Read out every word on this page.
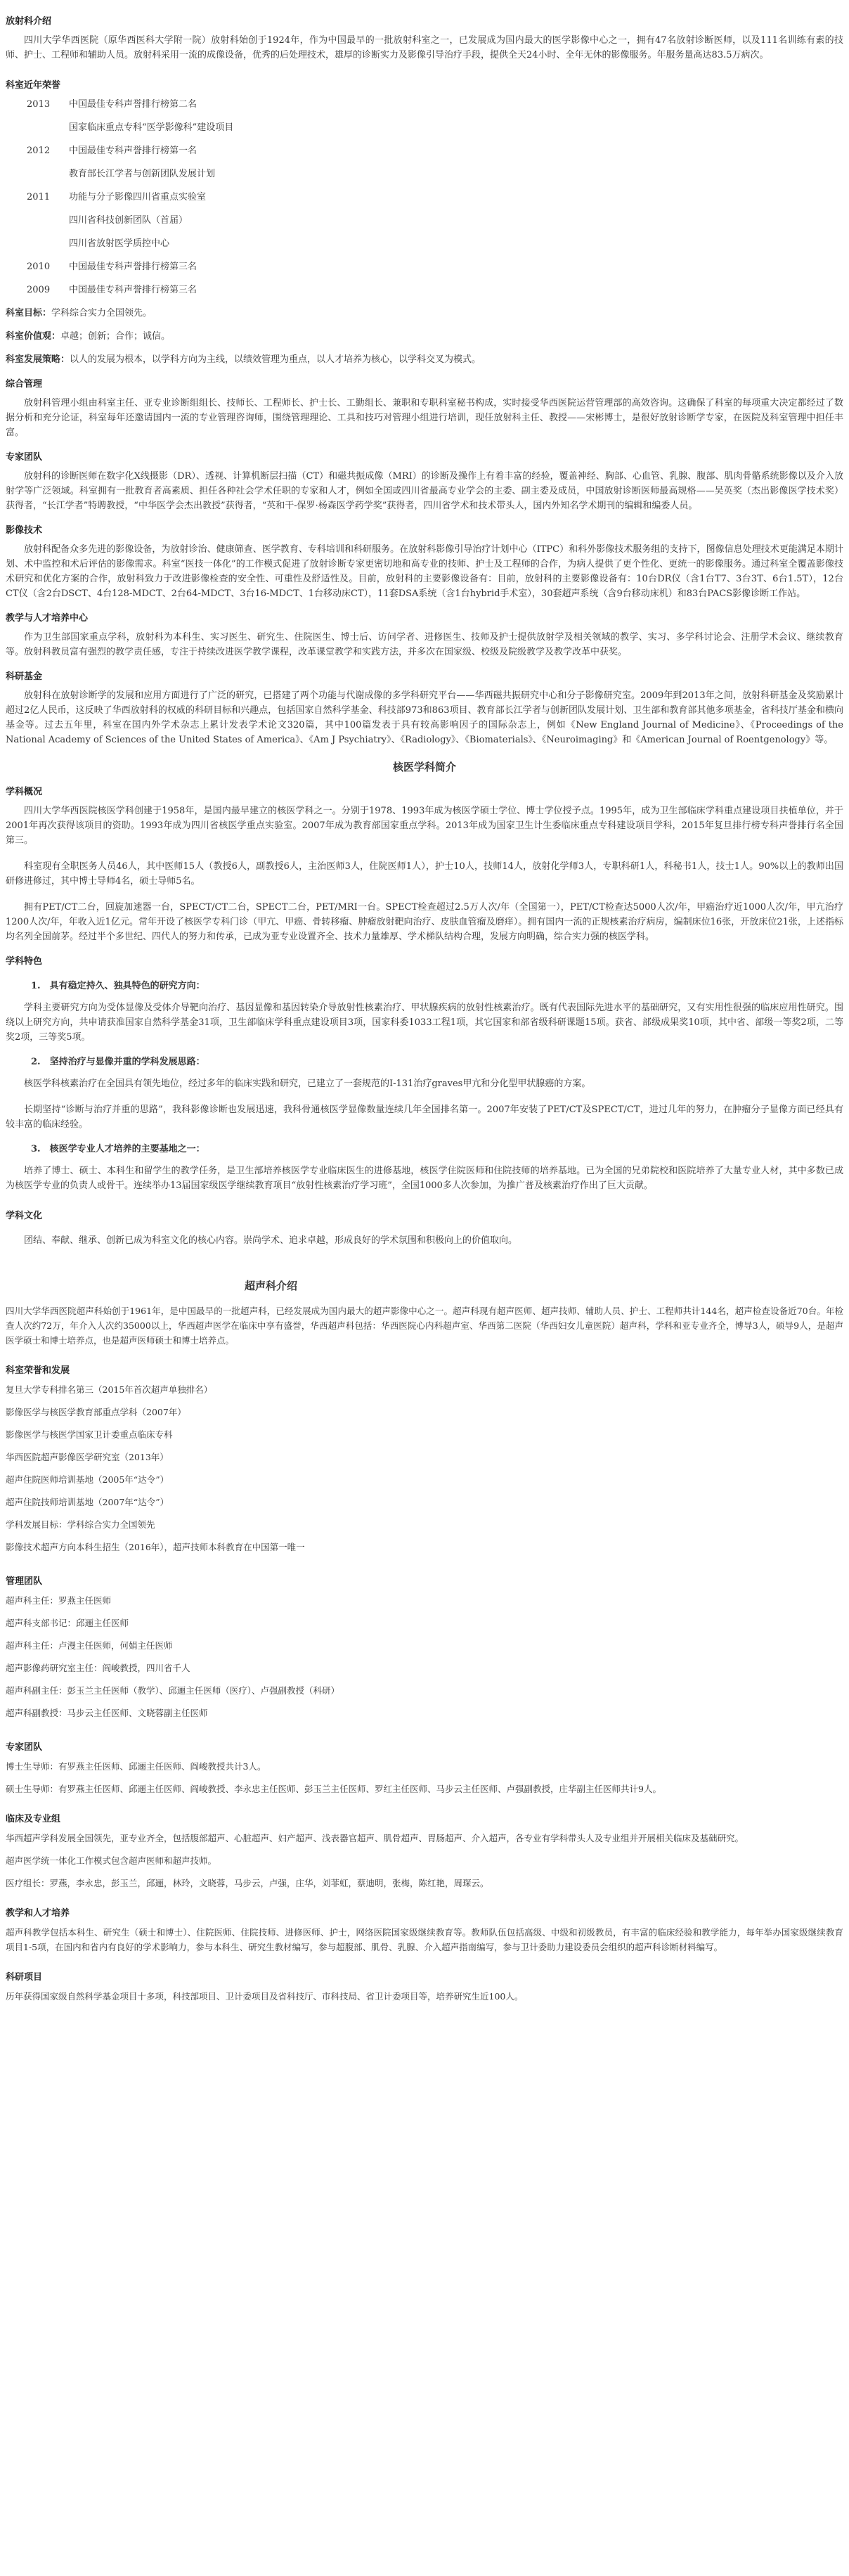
放射科介绍

四川大学华西医院（原华西医科大学附一院）放射科始创于1924年，作为中国最早的一批放射科室之一，已发展成为国内最大的医学影像中心之一，拥有47名放射诊断医师，以及111名训练有素的技师、护士、工程师和辅助人员。放射科采用一流的成像设备，优秀的后处理技术，雄厚的诊断实力及影像引导治疗手段，提供全天24小时、全年无休的影像服务。年服务量高达83.5万病次。

科室近年荣誉
2013	中国最佳专科声誉排行榜第二名
国家临床重点专科“医学影像科”建设项目
2012	中国最佳专科声誉排行榜第一名
教育部长江学者与创新团队发展计划
2011	功能与分子影像四川省重点实验室
四川省科技创新团队（首届）
四川省放射医学质控中心
2010	中国最佳专科声誉排行榜第三名
2009	中国最佳专科声誉排行榜第三名
科室目标：学科综合实力全国领先。
科室价值观：卓越；创新；合作；诚信。
科室发展策略：以人的发展为根本，以学科方向为主线，以绩效管理为重点，以人才培养为核心，以学科交叉为模式。
综合管理

放射科管理小组由科室主任、亚专业诊断组组长、技师长、工程师长、护士长、工勤组长、兼职和专职科室秘书构成，实时接受华西医院运营管理部的高效咨询。这确保了科室的每项重大决定都经过了数据分析和充分论证，科室每年还邀请国内一流的专业管理咨询师，围绕管理理论、工具和技巧对管理小组进行培训，现任放射科主任、教授——宋彬博士，是很好放射诊断学专家，在医院及科室管理中担任丰富。

专家团队

放射科的诊断医师在数字化X线摄影（DR）、透视、计算机断层扫描（CT）和磁共振成像（MRI）的诊断及操作上有着丰富的经验，覆盖神经、胸部、心血管、乳腺、腹部、肌肉骨骼系统影像以及介入放射学等广泛领域。科室拥有一批教育者高素质、担任各种社会学术任职的专家和人才，例如全国或四川省最高专业学会的主委、副主委及成员，中国放射诊断医师最高规格——吴英奖（杰出影像医学技术奖）获得者，“长江学者”特聘教授，“中华医学会杰出教授”获得者，“英和干-保罗·杨森医学药学奖”获得者，四川省学术和技术带头人，国内外知名学术期刊的编辑和编委人员。

影像技术

放射科配备众多先进的影像设备，为放射诊治、健康筛查、医学教育、专科培训和科研服务。在放射科影像引导治疗计划中心（ITPC）和科外影像技术服务组的支持下，图像信息处理技术更能满足本期计划、术中监控和术后评估的影像需求。科室“医技一体化”的工作模式促进了放射诊断专家更密切地和高专业的技师、护士及工程师的合作，为病人提供了更个性化、更统一的影像服务。通过科室全覆盖影像技术研究和优化方案的合作，放射科致力于改进影像检查的安全性、可重性及舒适性及。目前，放射科的主要影像设备有：目前，放射科的主要影像设备有：10台DR仪（含1台T7、3台3T、6台1.5T），12台CT仪（含2台DSCT、4台128-MDCT、2台64-MDCT、3台16-MDCT、1台移动床CT），11套DSA系统（含1台hybrid手术室），30套超声系统（含9台移动床机）和83台PACS影像诊断工作站。

教学与人才培养中心

作为卫生部国家重点学科，放射科为本科生、实习医生、研究生、住院医生、博士后、访问学者、进修医生、技师及护士提供放射学及相关领域的教学、实习、多学科讨论会、注册学术会议、继续教育等。放射科教员富有强烈的教学责任感，专注于持续改进医学教学课程，改革课堂教学和实践方法，并多次在国家级、校级及院级教学及教学改革中获奖。

科研基金

放射科在放射诊断学的发展和应用方面进行了广泛的研究，已搭建了两个功能与代谢成像的多学科研究平台——华西磁共振研究中心和分子影像研究室。2009年到2013年之间，放射科研基金及奖励累计超过2亿人民币，这反映了华西放射科的权威的科研目标和兴趣点，包括国家自然科学基金、科技部973和863项目、教育部长江学者与创新团队发展计划、卫生部和教育部其他多项基金，省科技厅基金和横向基金等。过去五年里，科室在国内外学术杂志上累计发表学术论文320篇，其中100篇发表于具有较高影响因子的国际杂志上，例如《New England Journal of Medicine》、《Proceedings of the National Academy of Sciences of the United States of America》、《Am J Psychiatry》、《Radiology》、《Biomaterials》、《Neuroimaging》和《American Journal of Roentgenology》等。

核医学科简介
学科概况

四川大学华西医院核医学科创建于1958年，是国内最早建立的核医学科之一。分别于1978、1993年成为核医学硕士学位、博士学位授予点。1995年，成为卫生部临床学科重点建设项目扶植单位，并于2001年再次获得该项目的资助。1993年成为四川省核医学重点实验室。2007年成为教育部国家重点学科。2013年成为国家卫生计生委临床重点专科建设项目学科，2015年复旦排行榜专科声誉排行名全国第三。

科室现有全职医务人员46人，其中医师15人（教授6人，副教授6人，主治医师3人，住院医师1人），护士10人，技师14人，放射化学师3人，专职科研1人，科秘书1人，技士1人。90%以上的教师出国研修进修过，其中博士导师4名，硕士导师5名。

拥有PET/CT二台，回旋加速器一台，SPECT/CT二台，SPECT二台，PET/MRI一台。SPECT检查超过2.5万人次/年（全国第一），PET/CT检查达5000人次/年，甲癌治疗近1000人次/年，甲亢治疗1200人次/年，年收入近1亿元。常年开设了核医学专科门诊（甲亢、甲癌、骨转移瘤、肿瘤放射靶向治疗、皮肤血管瘤及磨痒）。拥有国内一流的正规核素治疗病房，编制床位16张，开放床位21张，上述指标均名列全国前茅。经过半个多世纪、四代人的努力和传承，已成为亚专业设置齐全、技术力量雄厚、学术梯队结构合理，发展方向明确，综合实力强的核医学科。

学科特色
1.　具有稳定持久、独具特色的研究方向：

学科主要研究方向为受体显像及受体介导靶向治疗、基因显像和基因转染介导放射性核素治疗、甲状腺疾病的放射性核素治疗。既有代表国际先进水平的基础研究，又有实用性很强的临床应用性研究。围绕以上研究方向，共申请获准国家自然科学基金31项，卫生部临床学科重点建设项目3项，国家科委1033工程1项，其它国家和部省级科研课题15项。获省、部级成果奖10项，其中省、部级一等奖2项，二等奖2项，三等奖5项。

2.　坚持治疗与显像并重的学科发展思路：

核医学科核素治疗在全国具有领先地位，经过多年的临床实践和研究，已建立了一套规范的I-131治疗graves甲亢和分化型甲状腺癌的方案。

长期坚持“诊断与治疗并重的思路”，我科影像诊断也发展迅速，我科骨通核医学显像数量连续几年全国排名第一。2007年安装了PET/CT及SPECT/CT，进过几年的努力，在肿瘤分子显像方面已经具有较丰富的临床经验。

3.　核医学专业人才培养的主要基地之一：

培养了博士、硕士、本科生和留学生的教学任务，是卫生部培养核医学专业临床医生的进修基地，核医学住院医师和住院技师的培养基地。已为全国的兄弟院校和医院培养了大量专业人材，其中多数已成为核医学专业的负责人或骨干。连续举办13届国家级医学继续教育项目“放射性核素治疗学习班”，全国1000多人次参加，为推广普及核素治疗作出了巨大贡献。

学科文化

团结、奉献、继承、创新已成为科室文化的核心内容。崇尚学术、追求卓越，形成良好的学术氛围和积极向上的价值取向。

超声科介绍

四川大学华西医院超声科始创于1961年，是中国最早的一批超声科，已经发展成为国内最大的超声影像中心之一。超声科现有超声医师、超声技师、辅助人员、护士、工程师共计144名，超声检查设备近70台。年检查人次约72万，年介入人次约35000以上，华西超声医学在临床中享有盛誉，华西超声科包括：华西医院心内科超声室、华西第二医院（华西妇女儿童医院）超声科，学科和亚专业齐全，博导3人，硕导9人，是超声医学硕士和博士培养点，也是超声医师硕士和博士培养点。

科室荣誉和发展
复旦大学专科排名第三（2015年首次超声单独排名）
影像医学与核医学教育部重点学科（2007年）
影像医学与核医学国家卫计委重点临床专科
华西医院超声影像医学研究室（2013年）
超声住院医师培训基地（2005年“达令”）
超声住院技师培训基地（2007年“达令”）
学科发展目标：学科综合实力全国领先
影像技术超声方向本科生招生（2016年），超声技师本科教育在中国第一唯一
管理团队
超声科主任：罗燕主任医师
超声科支部书记：邱逦主任医师
超声科主任：卢漫主任医师，何娟主任医师
超声影像药研究室主任：阎峻教授，四川省千人
超声科副主任：彭玉兰主任医师（教学）、邱逦主任医师（医疗）、卢强副教授（科研）
超声科副教授：马步云主任医师、文晓蓉副主任医师
专家团队
博士生导师：有罗燕主任医师、邱逦主任医师、阎峻教授共计3人。
硕士生导师：有罗燕主任医师、邱逦主任医师、阎峻教授、李永忠主任医师、彭玉兰主任医师、罗红主任医师、马步云主任医师、卢强副教授，庄华副主任医师共计9人。
临床及专业组
华西超声学科发展全国领先，亚专业齐全，包括腹部超声、心脏超声、妇产超声、浅表器官超声、肌骨超声、胃肠超声、介入超声，各专业有学科带头人及专业组并开展相关临床及基础研究。
超声医学统一体化工作模式包含超声医师和超声技师。
医疗组长：罗燕，李永忠，彭玉兰，邱逦，林玲，文晓蓉，马步云，卢强，庄华，刘菲虹，蔡迪明，张梅，陈红艳，周琛云。
教学和人才培养

超声科教学包括本科生、研究生（硕士和博士）、住院医师、住院技师、进修医师、护士，网络医院国家级继续教育等。教师队伍包括高级、中级和初级教员，有丰富的临床经验和教学能力，每年举办国家级继续教育项目1-5项，在国内和省内有良好的学术影响力，参与本科生、研究生教材编写，参与超腹部、肌骨、乳腺、介入超声指南编写，参与卫计委助力建设委员会组织的超声科诊断材料编写。

科研项目

历年获得国家级自然科学基金项目十多项，科技部项目、卫计委项目及省科技厅、市科技局、省卫计委项目等，培养研究生近100人。
